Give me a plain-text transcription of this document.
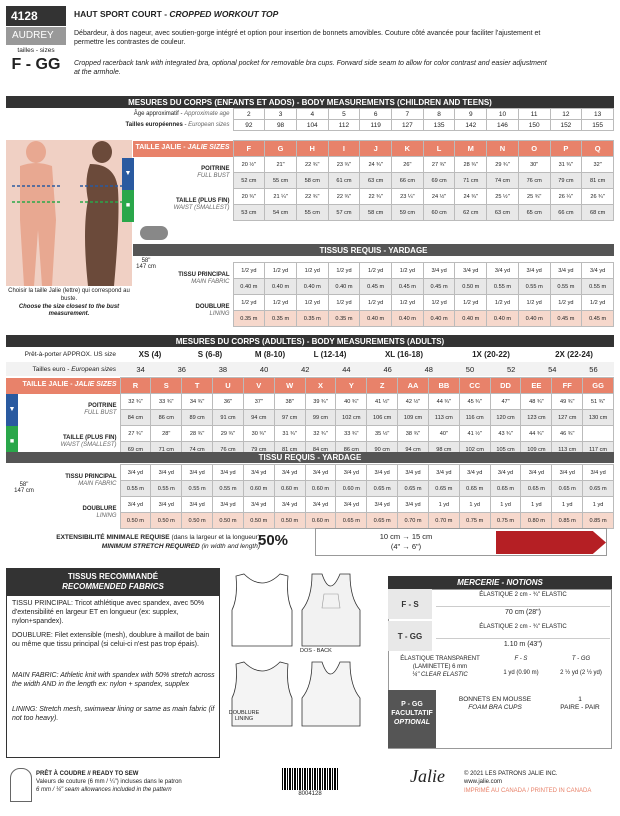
4128
AUDREY
tailles - sizes
F - GG
HAUT SPORT COURT - CROPPED WORKOUT TOP
Débardeur, à dos nageur, avec soutien-gorge intégré et option pour insertion de bonnets amovibles. Couture côté avancée pour faciliter l'ajustement et permettre les contrastes de couleur.
Cropped racerback tank with integrated bra, optional pocket for removable bra cups. Forward side seam to allow for color contrast and easier adjustment at the armhole.
MESURES DU CORPS (ENFANTS ET ADOS) - BODY MEASUREMENTS (CHILDREN AND TEENS)
Âge approximatif - Approximate age	2	3	4	5	6	7	8	9	10	11	12	13
Tailles européennes - European sizes	92	98	104	112	119	127	135	142	146	150	152	155
Choisir la taille Jalie (lettre) qui correspond au buste.
Choose the size closest to the bust measurement.
TAILLE JALIE - JALIE SIZES	F	G	H	I	J	K	L	M	N	O	P	Q
POITRINE
FULL BUST	20 ½"	21"	22 ¾"	23 ¾"	24 ¾"	26"	27 ¾"	28 ¾"	29 ¾"	30"	31 ¾"	32"
	52 cm	55 cm	58 cm	61 cm	63 cm	66 cm	69 cm	71 cm	74 cm	76 cm	79 cm	81 cm
TAILLE (PLUS FIN)
WAIST (SMALLEST)	20 ¾"	21 ¼"	22 ¾"	22 ¾"	22 ¾"	23 ¼"	24 ½"	24 ¾"	25 ½"	25 ¾"	26 ¼"	26 ¾"
	53 cm	54 cm	55 cm	57 cm	58 cm	59 cm	60 cm	62 cm	63 cm	65 cm	66 cm	68 cm
▼
■
TISSUS REQUIS - YARDAGE
58"
147 cm
TISSU PRINCIPAL
MAIN FABRIC	1/2 yd	1/2 yd	1/2 yd	1/2 yd	1/2 yd	1/2 yd	3/4 yd	3/4 yd	3/4 yd	3/4 yd	3/4 yd	3/4 yd
	0.40 m	0.40 m	0.40 m	0.40 m	0.45 m	0.45 m	0.45 m	0.50 m	0.55 m	0.55 m	0.55 m	0.55 m
DOUBLURE
LINING	1/2 yd	1/2 yd	1/2 yd	1/2 yd	1/2 yd	1/2 yd	1/2 yd	1/2 yd	1/2 yd	1/2 yd	1/2 yd	1/2 yd
	0.35 m	0.35 m	0.35 m	0.35 m	0.40 m	0.40 m	0.40 m	0.40 m	0.40 m	0.40 m	0.45 m	0.45 m
MESURES DU CORPS (ADULTES) - BODY MEASUREMENTS (ADULTS)
Prêt-à-porter APPROX. US size	XS (4)	S (6-8)	M (8-10)	L (12-14)	XL (16-18)	1X (20-22)	2X (22-24)
Tailles euro - European sizes	34	36	38	40	42	44	46	48	50	52	54	56
TAILLE JALIE - JALIE SIZES	R	S	T	U	V	W	X	Y	Z	AA	BB	CC	DD	EE	FF	GG
POITRINE
FULL BUST	32 ¾"	33 ¾"	34 ¾"	36"	37"	38"	39 ¾"	40 ¾"	41 ½"	42 ½"	44 ¾"	45 ¾"	47"	48 ¾"	49 ¾"	51 ¾"
	84 cm	86 cm	89 cm	91 cm	94 cm	97 cm	99 cm	102 cm	106 cm	109 cm	113 cm	116 cm	120 cm	123 cm	127 cm	130 cm
TAILLE (PLUS FIN)
WAIST (SMALLEST)	27 ¾"	28"	28 ¾"	29 ¾"	30 ¾"	31 ¾"	32 ¾"	33 ¾"	35 ½"	38 ¾"	40"	41 ½"	43 ¾"	44 ¾"	46 ¾"	
	69 cm	71 cm	74 cm	76 cm	79 cm	81 cm	84 cm	86 cm	90 cm	94 cm	98 cm	102 cm	105 cm	109 cm	113 cm	117 cm
▼
■
TISSU REQUIS - YARDAGE
58"
147 cm
TISSU PRINCIPAL
MAIN FABRIC	3/4 yd	3/4 yd	3/4 yd	3/4 yd	3/4 yd	3/4 yd	3/4 yd	3/4 yd	3/4 yd	3/4 yd	3/4 yd	3/4 yd	3/4 yd	3/4 yd	3/4 yd	3/4 yd
	0.55 m	0.55 m	0.55 m	0.55 m	0.60 m	0.60 m	0.60 m	0.60 m	0.65 m	0.65 m	0.65 m	0.65 m	0.65 m	0.65 m	0.65 m	0.65 m
DOUBLURE
LINING	3/4 yd	3/4 yd	3/4 yd	3/4 yd	3/4 yd	3/4 yd	3/4 yd	3/4 yd	3/4 yd	3/4 yd	1 yd	1 yd	1 yd	1 yd	1 yd	1 yd
	0.50 m	0.50 m	0.50 m	0.50 m	0.50 m	0.50 m	0.60 m	0.65 m	0.65 m	0.70 m	0.70 m	0.75 m	0.75 m	0.80 m	0.85 m	0.85 m
EXTENSIBILITÉ MINIMALE REQUISE (dans la largeur et la longueur)
MINIMUM STRETCH REQUIRED (in width and length)
50%	10 cm → 15 cm
(4" → 6")
TISSUS RECOMMANDÉ
RECOMMENDED FABRICS
TISSU PRINCIPAL: Tricot athlétique avec spandex, avec 50% d'extensibilité en largeur ET en longueur (ex: supplex, nylon+spandex).
DOUBLURE: Filet extensible (mesh), doublure à maillot de bain ou même que tissu principal (si celui-ci n'est pas trop épais).
MAIN FABRIC: Athletic knit with spandex with 50% stretch across the width AND in the length ex: nylon + spandex, supplex
LINING: Stretch mesh, swimwear lining or same as main fabric (if not too heavy).
DOS - BACK
DOUBLURE LINING
MERCERIE - NOTIONS
F - S
ÉLASTIQUE 2 cm - ¾" ELASTIC
70 cm (28")
T - GG
ÉLASTIQUE 2 cm - ¾" ELASTIC
1.10 m (43")
ÉLASTIQUE TRANSPARENT (LAMINETTE) 6 mm
¼" CLEAR ELASTIC
F - S	T - GG
1 yd (0.90 m)	2 ½ yd (2 ½ yd)
P - GG
FACULTATIF
OPTIONAL
BONNETS EN MOUSSE
FOAM BRA CUPS
1
PAIRE - PAIR
PRÊT À COUDRE // READY TO SEW
Valeurs de couture (6 mm / ¼") incluses dans le patron
6 mm / ¼" seam allowances included in the pattern
8004128
Jalie	© 2021 LES PATRONS JALIE INC.
www.jalie.com
IMPRIMÉ AU CANADA / PRINTED IN CANADA
